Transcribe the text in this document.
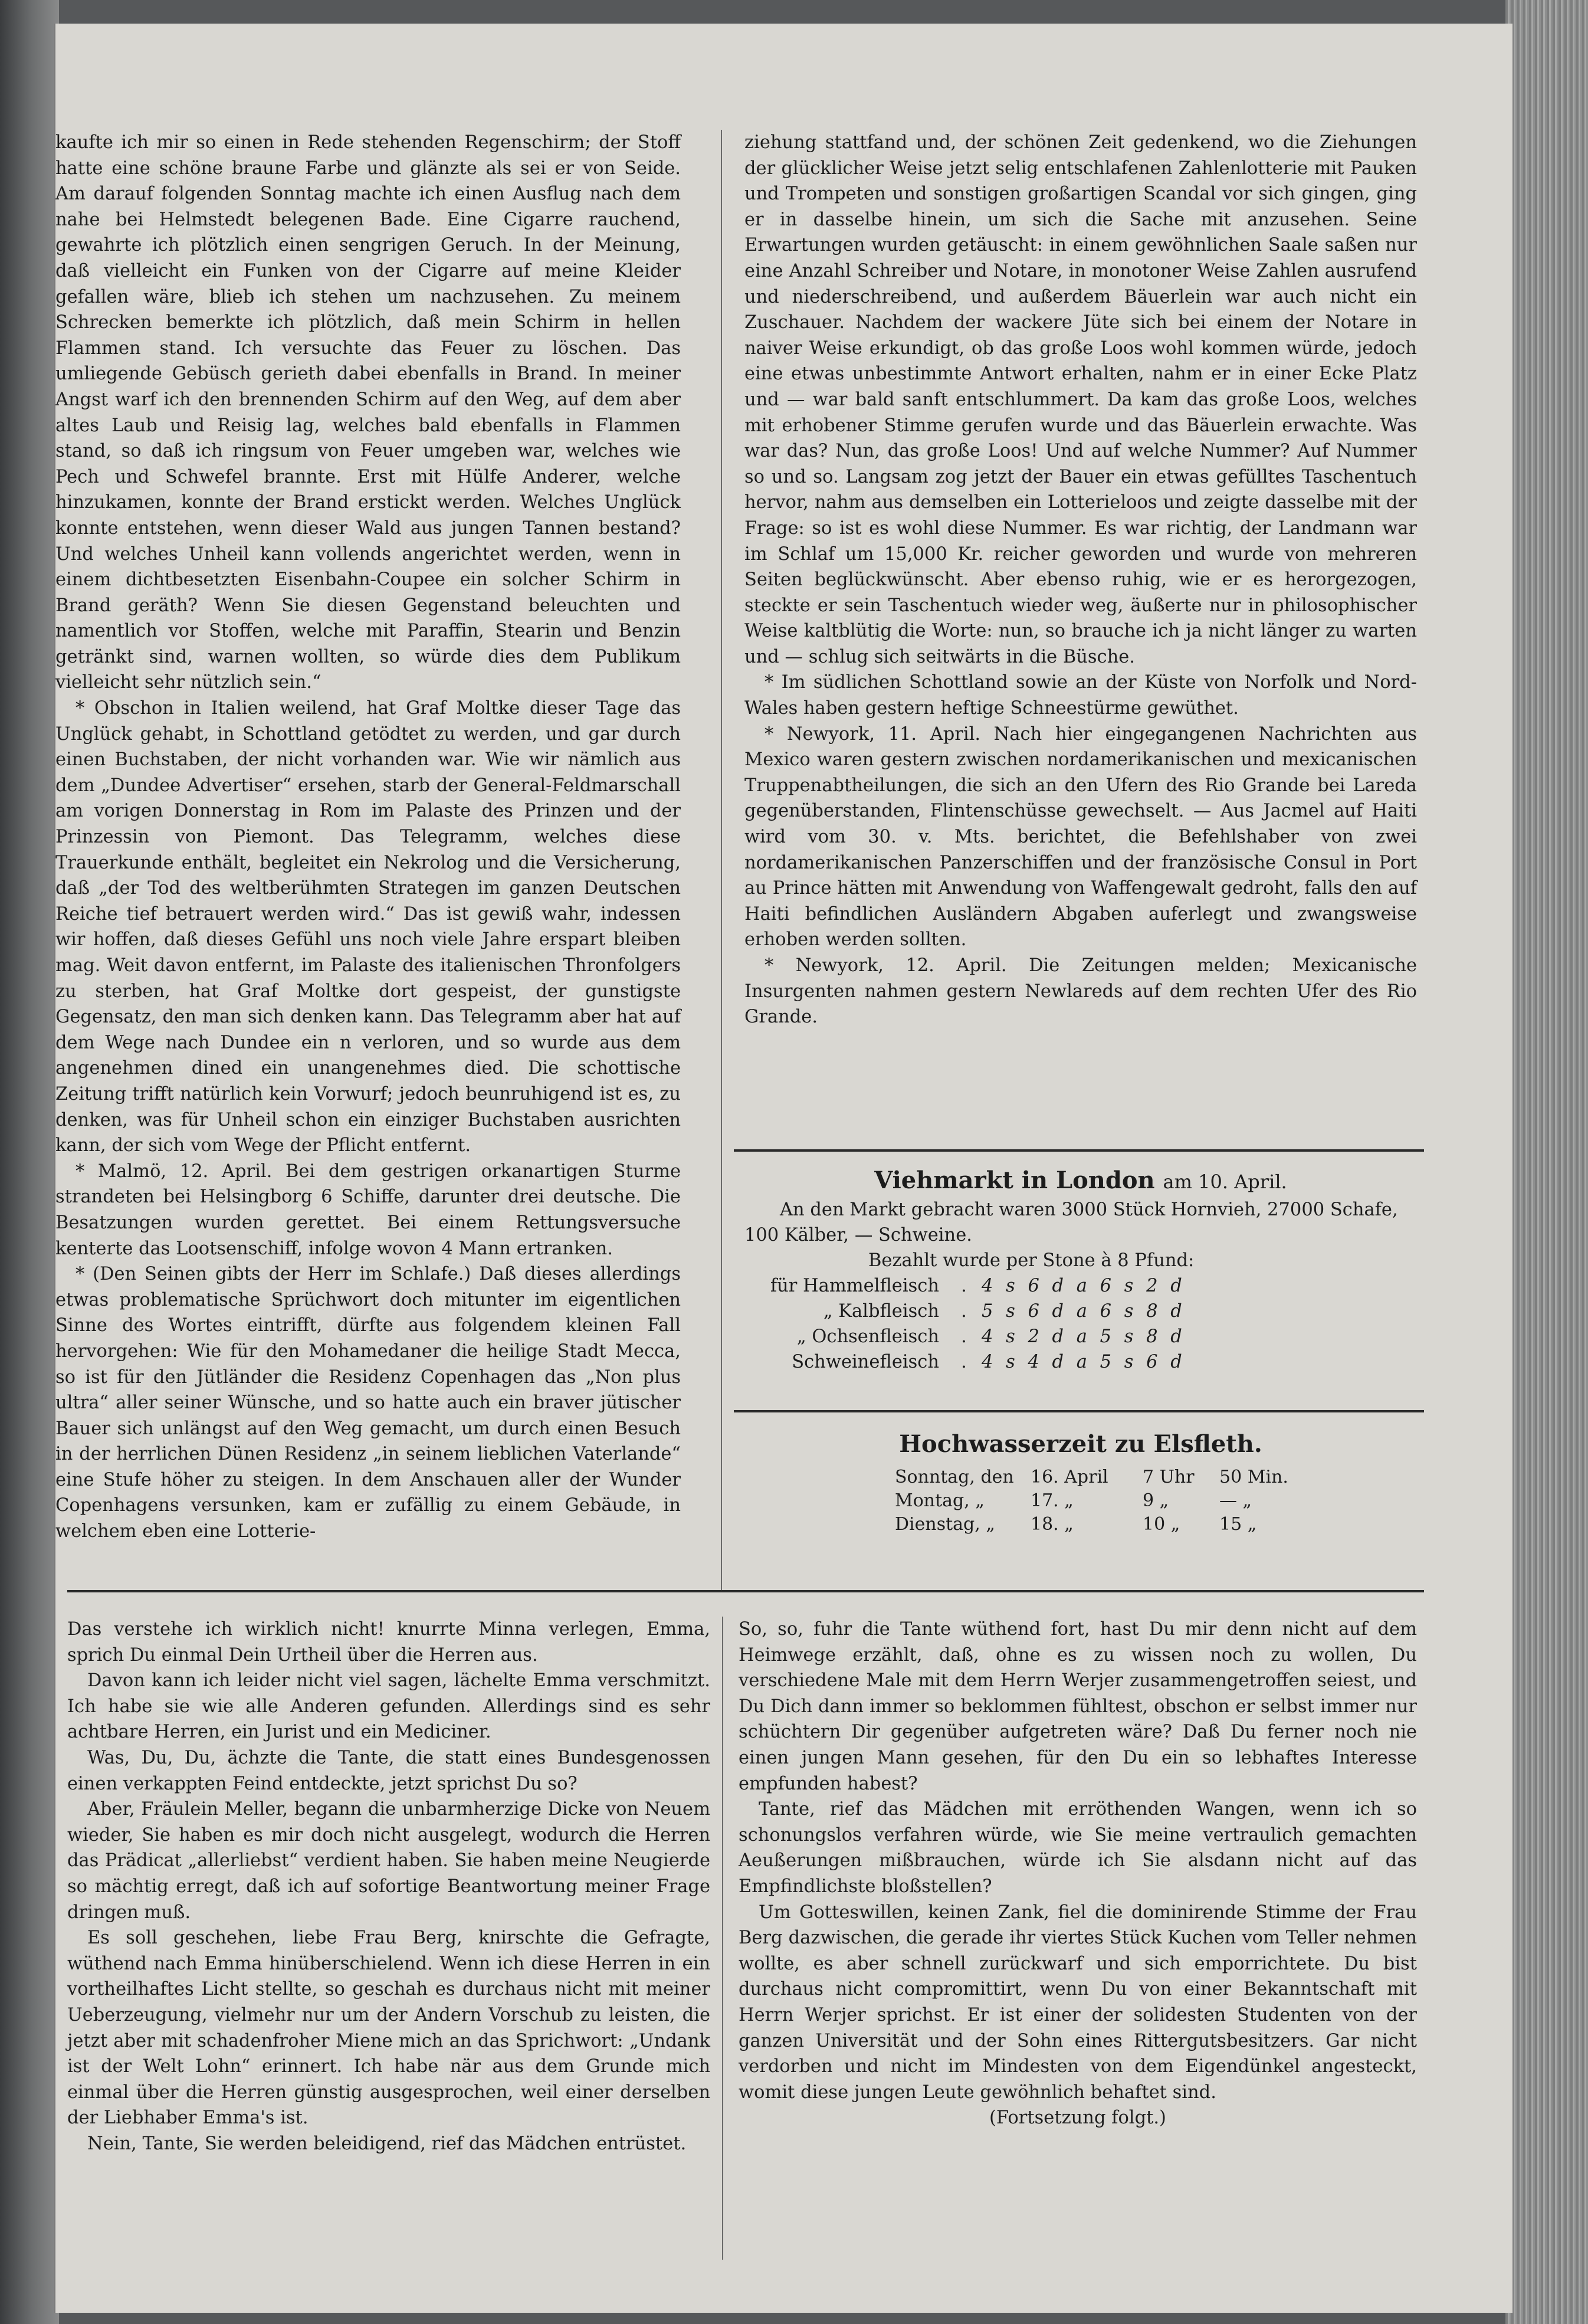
kaufte ich mir so einen in Rede stehenden Regenschirm; der Stoff hatte eine schöne braune Farbe und glänzte als sei er von Seide. Am darauf folgenden Sonntag machte ich einen Ausflug nach dem nahe bei Helmstedt belegenen Bade. Eine Cigarre rauchend, gewahrte ich plötzlich einen sengrigen Geruch. In der Meinung, daß vielleicht ein Funken von der Cigarre auf meine Kleider gefallen wäre, blieb ich stehen um nachzusehen. Zu meinem Schrecken bemerkte ich plötzlich, daß mein Schirm in hellen Flammen stand. Ich versuchte das Feuer zu löschen. Das umliegende Gebüsch gerieth dabei ebenfalls in Brand. In meiner Angst warf ich den brennenden Schirm auf den Weg, auf dem aber altes Laub und Reisig lag, welches bald ebenfalls in Flammen stand, so daß ich ringsum von Feuer umgeben war, welches wie Pech und Schwefel brannte. Erst mit Hülfe Anderer, welche hinzukamen, konnte der Brand erstickt werden. Welches Unglück konnte entstehen, wenn dieser Wald aus jungen Tannen bestand? Und welches Unheil kann vollends angerichtet werden, wenn in einem dichtbesetzten Eisenbahn-Coupee ein solcher Schirm in Brand geräth? Wenn Sie diesen Gegenstand beleuchten und namentlich vor Stoffen, welche mit Paraffin, Stearin und Benzin getränkt sind, warnen wollten, so würde dies dem Publikum vielleicht sehr nützlich sein.“

* Obschon in Italien weilend, hat Graf Moltke dieser Tage das Unglück gehabt, in Schottland getödtet zu werden, und gar durch einen Buchstaben, der nicht vorhanden war. Wie wir nämlich aus dem „Dundee Advertiser“ ersehen, starb der General-Feldmarschall am vorigen Donnerstag in Rom im Palaste des Prinzen und der Prinzessin von Piemont. Das Telegramm, welches diese Trauerkunde enthält, begleitet ein Nekrolog und die Versicherung, daß „der Tod des weltberühmten Strategen im ganzen Deutschen Reiche tief betrauert werden wird.“ Das ist gewiß wahr, indessen wir hoffen, daß dieses Gefühl uns noch viele Jahre erspart bleiben mag. Weit davon entfernt, im Palaste des italienischen Thronfolgers zu sterben, hat Graf Moltke dort gespeist, der gunstigste Gegensatz, den man sich denken kann. Das Telegramm aber hat auf dem Wege nach Dundee ein n verloren, und so wurde aus dem angenehmen dined ein unangenehmes died. Die schottische Zeitung trifft natürlich kein Vorwurf; jedoch beunruhigend ist es, zu denken, was für Unheil schon ein einziger Buchstaben ausrichten kann, der sich vom Wege der Pflicht entfernt.

* Malmö, 12. April. Bei dem gestrigen orkanartigen Sturme strandeten bei Helsingborg 6 Schiffe, darunter drei deutsche. Die Besatzungen wurden gerettet. Bei einem Rettungsversuche kenterte das Lootsenschiff, infolge wovon 4 Mann ertranken.

* (Den Seinen gibts der Herr im Schlafe.) Daß dieses allerdings etwas problematische Sprüchwort doch mitunter im eigentlichen Sinne des Wortes eintrifft, dürfte aus folgendem kleinen Fall hervorgehen: Wie für den Mohamedaner die heilige Stadt Mecca, so ist für den Jütländer die Residenz Copenhagen das „Non plus ultra“ aller seiner Wünsche, und so hatte auch ein braver jütischer Bauer sich unlängst auf den Weg gemacht, um durch einen Besuch in der herrlichen Dünen Residenz „in seinem lieblichen Vaterlande“ eine Stufe höher zu steigen. In dem Anschauen aller der Wunder Copenhagens versunken, kam er zufällig zu einem Gebäude, in welchem eben eine Lotterie-

ziehung stattfand und, der schönen Zeit gedenkend, wo die Ziehungen der glücklicher Weise jetzt selig entschlafenen Zahlenlotterie mit Pauken und Trompeten und sonstigen großartigen Scandal vor sich gingen, ging er in dasselbe hinein, um sich die Sache mit anzusehen. Seine Erwartungen wurden getäuscht: in einem gewöhnlichen Saale saßen nur eine Anzahl Schreiber und Notare, in monotoner Weise Zahlen ausrufend und niederschreibend, und außerdem Bäuerlein war auch nicht ein Zuschauer. Nachdem der wackere Jüte sich bei einem der Notare in naiver Weise erkundigt, ob das große Loos wohl kommen würde, jedoch eine etwas unbestimmte Antwort erhalten, nahm er in einer Ecke Platz und — war bald sanft entschlummert. Da kam das große Loos, welches mit erhobener Stimme gerufen wurde und das Bäuerlein erwachte. Was war das? Nun, das große Loos! Und auf welche Nummer? Auf Nummer so und so. Langsam zog jetzt der Bauer ein etwas gefülltes Taschentuch hervor, nahm aus demselben ein Lotterieloos und zeigte dasselbe mit der Frage: so ist es wohl diese Nummer. Es war richtig, der Landmann war im Schlaf um 15,000 Kr. reicher geworden und wurde von mehreren Seiten beglückwünscht. Aber ebenso ruhig, wie er es herorgezogen, steckte er sein Taschentuch wieder weg, äußerte nur in philosophischer Weise kaltblütig die Worte: nun, so brauche ich ja nicht länger zu warten und — schlug sich seitwärts in die Büsche.

* Im südlichen Schottland sowie an der Küste von Norfolk und Nord-Wales haben gestern heftige Schneestürme gewüthet.

* Newyork, 11. April. Nach hier eingegangenen Nachrichten aus Mexico waren gestern zwischen nordamerikanischen und mexicanischen Truppenabtheilungen, die sich an den Ufern des Rio Grande bei Lareda gegenüberstanden, Flintenschüsse gewechselt. — Aus Jacmel auf Haiti wird vom 30. v. Mts. berichtet, die Befehlshaber von zwei nordamerikanischen Panzerschiffen und der französische Consul in Port au Prince hätten mit Anwendung von Waffengewalt gedroht, falls den auf Haiti befindlichen Ausländern Abgaben auferlegt und zwangsweise erhoben werden sollten.

* Newyork, 12. April. Die Zeitungen melden; Mexicanische Insurgenten nahmen gestern Newlareds auf dem rechten Ufer des Rio Grande.

Viehmarkt in London am 10. April.

An den Markt gebracht waren 3000 Stück Hornvieh, 27000 Schafe, 100 Kälber, — Schweine.

Bezahlt wurde per Stone à 8 Pfund:

für Hammelfleisch	. 4 s 6 d a 6 s 2 d
„ Kalbfleisch	. 5 s 6 d a 6 s 8 d
„ Ochsenfleisch	. 4 s 2 d a 5 s 8 d
Schweinefleisch	. 4 s 4 d a 5 s 6 d

Hochwasserzeit zu Elsfleth.

Sonntag, den 16. April	7 Uhr	50 Min.
Montag, „	17. „	9 „	— „
Dienstag, „	18. „	10 „	15 „

Das verstehe ich wirklich nicht! knurrte Minna verlegen, Emma, sprich Du einmal Dein Urtheil über die Herren aus.

Davon kann ich leider nicht viel sagen, lächelte Emma verschmitzt. Ich habe sie wie alle Anderen gefunden. Allerdings sind es sehr achtbare Herren, ein Jurist und ein Mediciner.

Was, Du, Du, ächzte die Tante, die statt eines Bundesgenossen einen verkappten Feind entdeckte, jetzt sprichst Du so?

Aber, Fräulein Meller, begann die unbarmherzige Dicke von Neuem wieder, Sie haben es mir doch nicht ausgelegt, wodurch die Herren das Prädicat „allerliebst“ verdient haben. Sie haben meine Neugierde so mächtig erregt, daß ich auf sofortige Beantwortung meiner Frage dringen muß.

Es soll geschehen, liebe Frau Berg, knirschte die Gefragte, wüthend nach Emma hinüberschielend. Wenn ich diese Herren in ein vortheilhaftes Licht stellte, so geschah es durchaus nicht mit meiner Ueberzeugung, vielmehr nur um der Andern Vorschub zu leisten, die jetzt aber mit schadenfroher Miene mich an das Sprichwort: „Undank ist der Welt Lohn“ erinnert. Ich habe när aus dem Grunde mich einmal über die Herren günstig ausgesprochen, weil einer derselben der Liebhaber Emma's ist.

Nein, Tante, Sie werden beleidigend, rief das Mädchen entrüstet.

So, so, fuhr die Tante wüthend fort, hast Du mir denn nicht auf dem Heimwege erzählt, daß, ohne es zu wissen noch zu wollen, Du verschiedene Male mit dem Herrn Werjer zusammengetroffen seiest, und Du Dich dann immer so beklommen fühltest, obschon er selbst immer nur schüchtern Dir gegenüber aufgetreten wäre? Daß Du ferner noch nie einen jungen Mann gesehen, für den Du ein so lebhaftes Interesse empfunden habest?

Tante, rief das Mädchen mit erröthenden Wangen, wenn ich so schonungslos verfahren würde, wie Sie meine vertraulich gemachten Aeußerungen mißbrauchen, würde ich Sie alsdann nicht auf das Empfindlichste bloßstellen?

Um Gotteswillen, keinen Zank, fiel die dominirende Stimme der Frau Berg dazwischen, die gerade ihr viertes Stück Kuchen vom Teller nehmen wollte, es aber schnell zurückwarf und sich emporrichtete. Du bist durchaus nicht compromittirt, wenn Du von einer Bekanntschaft mit Herrn Werjer sprichst. Er ist einer der solidesten Studenten von der ganzen Universität und der Sohn eines Rittergutsbesitzers. Gar nicht verdorben und nicht im Mindesten von dem Eigendünkel angesteckt, womit diese jungen Leute gewöhnlich behaftet sind.

(Fortsetzung folgt.)
